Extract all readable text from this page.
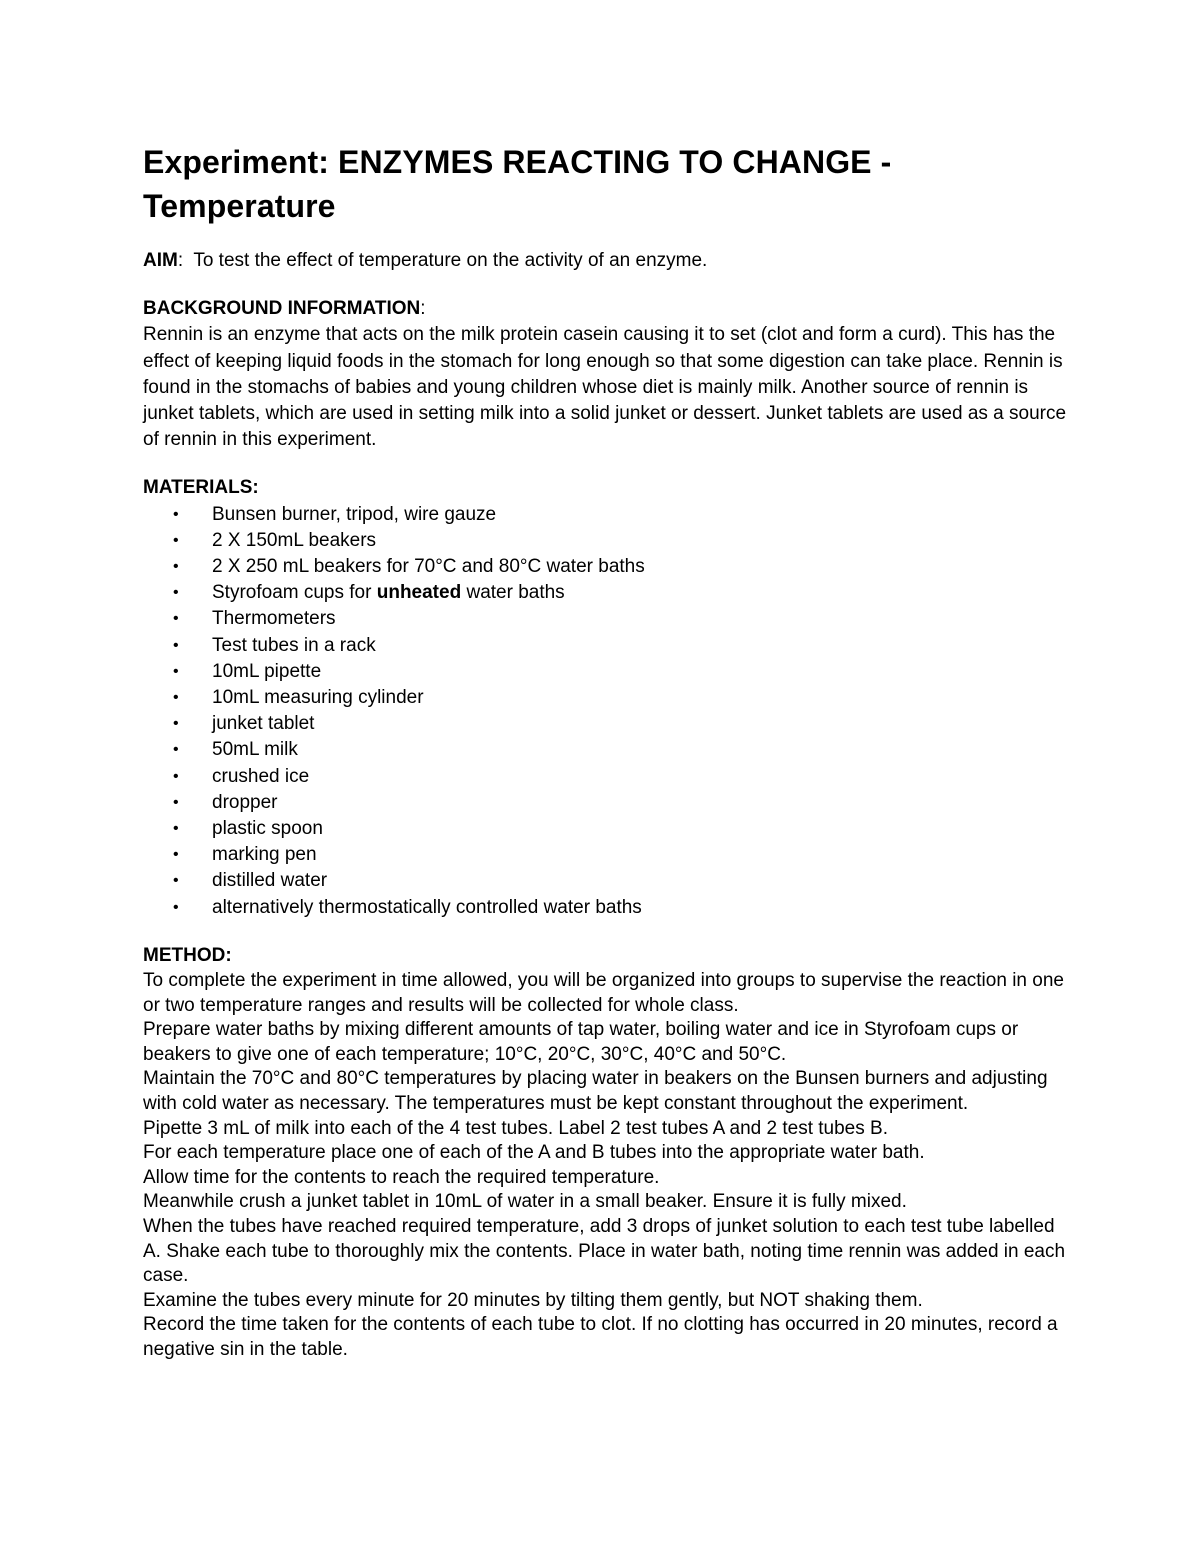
Experiment: ENZYMES REACTING TO CHANGE -
Temperature

AIM:  To test the effect of temperature on the activity of an enzyme.

BACKGROUND INFORMATION:

Rennin is an enzyme that acts on the milk protein casein causing it to set (clot and form a curd). This has the effect of keeping liquid foods in the stomach for long enough so that some digestion can take place. Rennin is found in the stomachs of babies and young children whose diet is mainly milk. Another source of rennin is junket tablets, which are used in setting milk into a solid junket or dessert. Junket tablets are used as a source of rennin in this experiment.

MATERIALS:

• Bunsen burner, tripod, wire gauze
• 2 X 150mL beakers
• 2 X 250 mL beakers for 70°C and 80°C water baths
• Styrofoam cups for unheated water baths
• Thermometers
• Test tubes in a rack
• 10mL pipette
• 10mL measuring cylinder
• junket tablet
• 50mL milk
• crushed ice
• dropper
• plastic spoon
• marking pen
• distilled water
• alternatively thermostatically controlled water baths

METHOD:

To complete the experiment in time allowed, you will be organized into groups to supervise the reaction in one or two temperature ranges and results will be collected for whole class.

Prepare water baths by mixing different amounts of tap water, boiling water and ice in Styrofoam cups or beakers to give one of each temperature; 10°C, 20°C, 30°C, 40°C and 50°C.

Maintain the 70°C and 80°C temperatures by placing water in beakers on the Bunsen burners and adjusting with cold water as necessary. The temperatures must be kept constant throughout the experiment.

Pipette 3 mL of milk into each of the 4 test tubes. Label 2 test tubes A and 2 test tubes B.

For each temperature place one of each of the A and B tubes into the appropriate water bath.

Allow time for the contents to reach the required temperature.

Meanwhile crush a junket tablet in 10mL of water in a small beaker. Ensure it is fully mixed.

When the tubes have reached required temperature, add 3 drops of junket solution to each test tube labelled A. Shake each tube to thoroughly mix the contents. Place in water bath, noting time rennin was added in each case.

Examine the tubes every minute for 20 minutes by tilting them gently, but NOT shaking them.

Record the time taken for the contents of each tube to clot. If no clotting has occurred in 20 minutes, record a negative sin in the table.
